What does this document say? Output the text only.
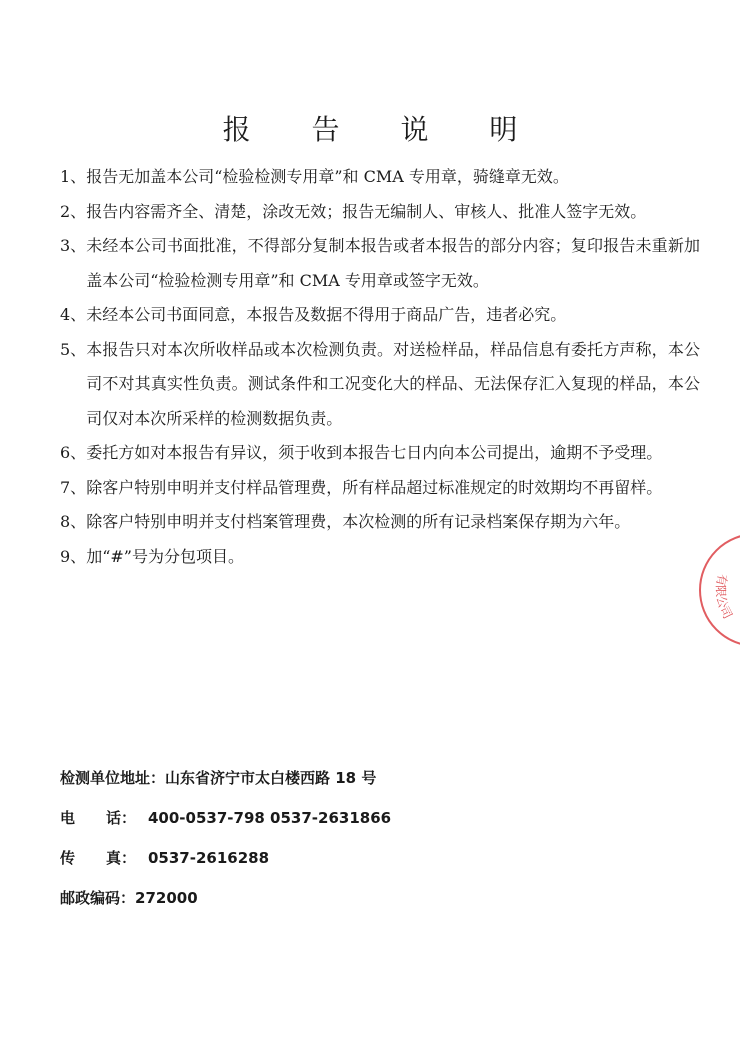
报 告 说 明
1、 报告无加盖本公司“检验检测专用章”和 CMA 专用章，骑缝章无效。
2、 报告内容需齐全、清楚，涂改无效；报告无编制人、审核人、批准人签字无效。
3、 未经本公司书面批准，不得部分复制本报告或者本报告的部分内容；复印报告未重新加盖本公司“检验检测专用章”和 CMA 专用章或签字无效。
4、 未经本公司书面同意，本报告及数据不得用于商品广告，违者必究。
5、 本报告只对本次所收样品或本次检测负责。对送检样品，样品信息有委托方声称，本公司不对其真实性负责。测试条件和工况变化大的样品、无法保存汇入复现的样品，本公司仅对本次所采样的检测数据负责。
6、 委托方如对本报告有异议，须于收到本报告七日内向本公司提出，逾期不予受理。
7、 除客户特别申明并支付样品管理费，所有样品超过标准规定的时效期均不再留样。
8、 除客户特别申明并支付档案管理费，本次检测的所有记录档案保存期为六年。
9、 加“#”号为分包项目。
检测单位地址：山东省济宁市太白楼西路 18 号
电 话： 400-0537-798 0537-2631866
传 真： 0537-2616288
邮政编码：272000
有限公司
